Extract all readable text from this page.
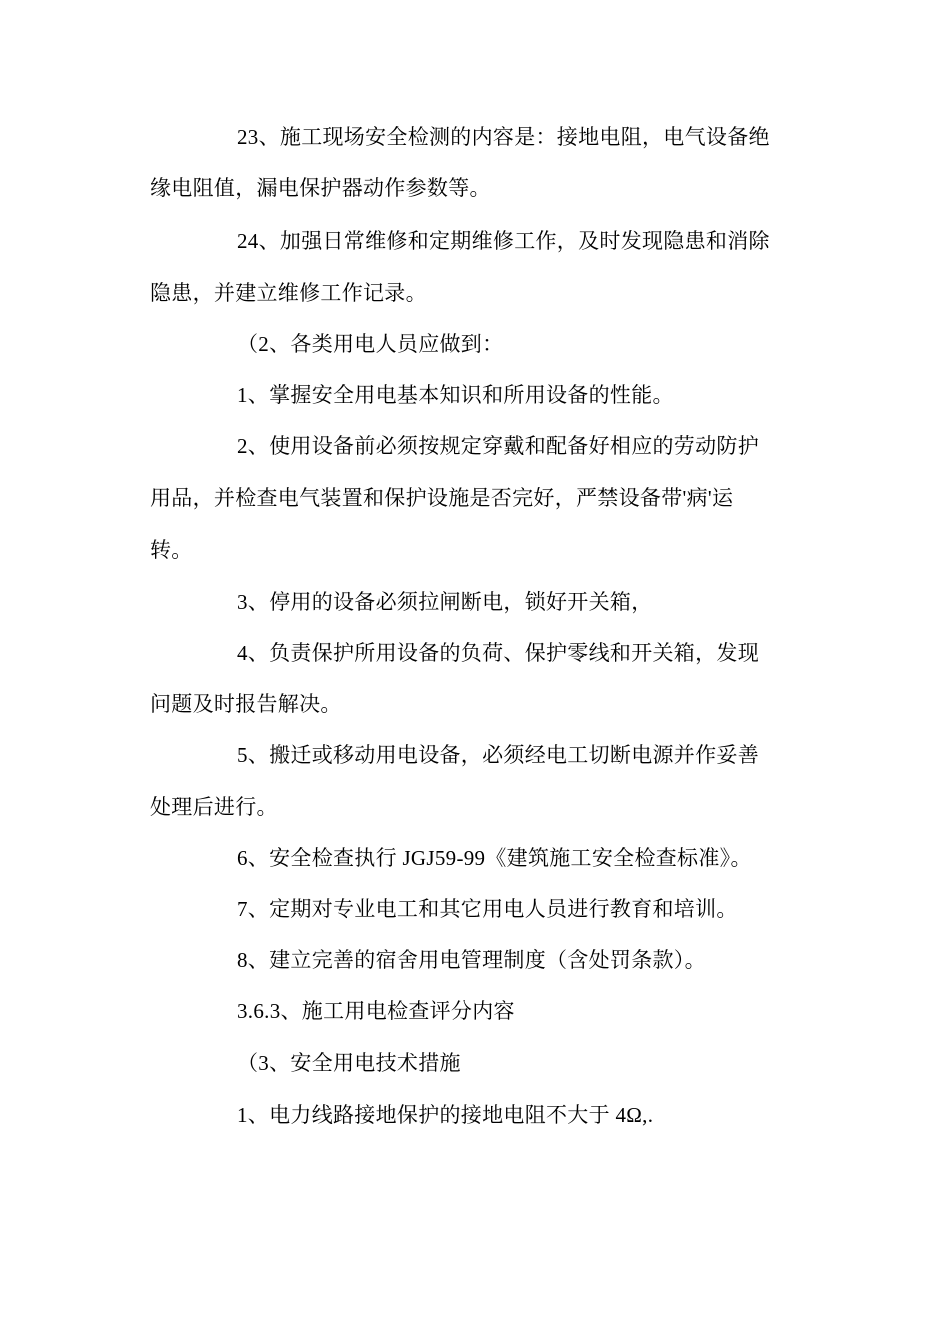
23、施工现场安全检测的内容是：接地电阻，电气设备绝

缘电阻值，漏电保护器动作参数等。

24、加强日常维修和定期维修工作，及时发现隐患和消除

隐患，并建立维修工作记录。

（2、各类用电人员应做到：

1、掌握安全用电基本知识和所用设备的性能。

2、使用设备前必须按规定穿戴和配备好相应的劳动防护

用品，并检查电气装置和保护设施是否完好，严禁设备带'病'运

转。

3、停用的设备必须拉闸断电，锁好开关箱，

4、负责保护所用设备的负荷、保护零线和开关箱，发现

问题及时报告解决。

5、搬迁或移动用电设备，必须经电工切断电源并作妥善

处理后进行。

6、安全检查执行 JGJ59-99《建筑施工安全检查标准》。

7、定期对专业电工和其它用电人员进行教育和培训。

8、建立完善的宿舍用电管理制度（含处罚条款）。

3.6.3、施工用电检查评分内容

（3、安全用电技术措施

1、电力线路接地保护的接地电阻不大于 4Ω,.
